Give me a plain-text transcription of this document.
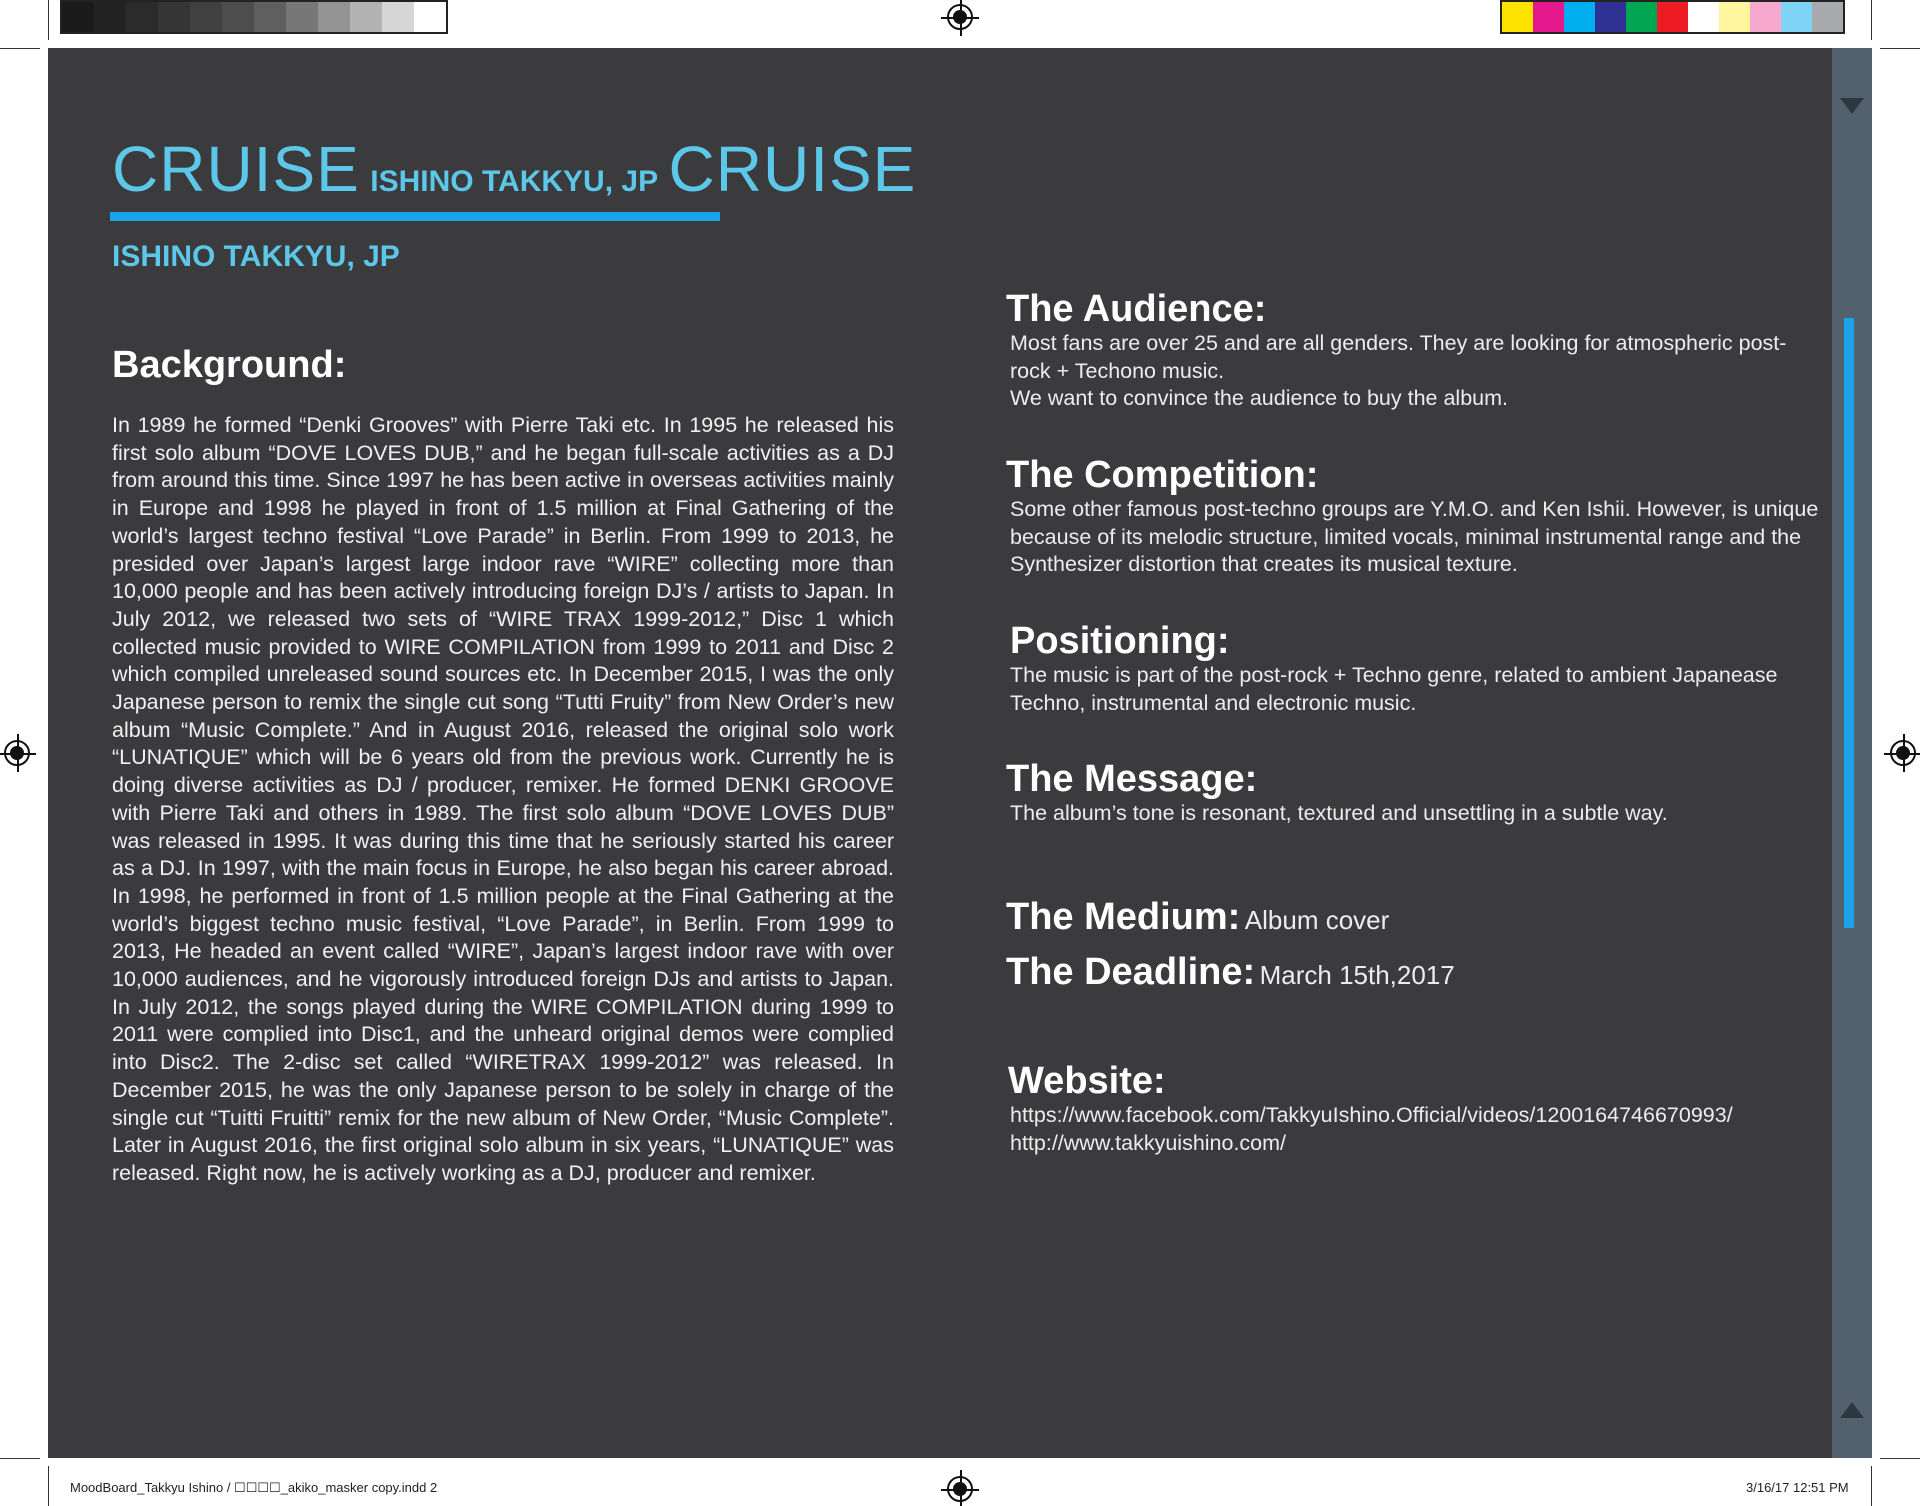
CRUISE ISHINO TAKKYU, JP CRUISE
ISHINO TAKKYU, JP
Background:
In 1989 he formed “Denki Grooves” with Pierre Taki etc. In 1995 he released his first solo album “DOVE LOVES DUB,” and he began full-scale activities as a DJ from around this time. Since 1997 he has been active in overseas activities mainly in Europe and 1998 he played in front of 1.5 million at Final Gathering of the world’s largest techno festival “Love Parade” in Berlin. From 1999 to 2013, he presided over Japan’s largest large indoor rave “WIRE” collecting more than 10,000 people and has been actively introducing foreign DJ’s / artists to Japan. In July 2012, we released two sets of “WIRE TRAX 1999-2012,” Disc 1 which collected music provided to WIRE COMPILATION from 1999 to 2011 and Disc 2 which compiled unreleased sound sources etc. In December 2015, I was the only Japanese person to remix the single cut song “Tutti Fruity” from New Order’s new album “Music Complete.” And in August 2016, released the original solo work “LUNATIQUE” which will be 6 years old from the previous work. Currently he is doing diverse activities as DJ / producer, remixer. He formed DENKI GROOVE with Pierre Taki and others in 1989. The first solo album “DOVE LOVES DUB” was released in 1995. It was during this time that he seriously started his career as a DJ. In 1997, with the main focus in Europe, he also began his career abroad. In 1998, he performed in front of 1.5 million people at the Final Gathering at the world’s biggest techno music festival, “Love Parade”, in Berlin. From 1999 to 2013, He headed an event called “WIRE”, Japan’s largest indoor rave with over 10,000 audiences, and he vigorously introduced foreign DJs and artists to Japan. In July 2012, the songs played during the WIRE COMPILATION during 1999 to 2011 were complied into Disc1, and the unheard original demos were complied into Disc2. The 2-disc set called “WIRETRAX 1999-2012” was released. In December 2015, he was the only Japanese person to be solely in charge of the single cut “Tuitti Fruitti” remix for the new album of New Order, “Music Complete”. Later in August 2016, the first original solo album in six years, “LUNATIQUE” was released. Right now, he is actively working as a DJ, producer and remixer.
The Audience:

Most fans are over 25 and are all genders. They are looking for atmospheric post-rock + Techono music.

We want to convince the audience to buy the album.

The Competition:

Some other famous post-techno groups are Y.M.O. and Ken Ishii. However, is unique because of its melodic structure, limited vocals, minimal instrumental range and the Synthesizer distortion that creates its musical texture.

Positioning:

The music is part of the post-rock + Techno genre, related to ambient Japanease Techno, instrumental and electronic music.

The Message:

The album’s tone is resonant, textured and unsettling in a subtle way.

The Medium: Album cover
The Deadline: March 15th,2017
Website:

https://www.facebook.com/TakkyuIshino.Official/videos/1200164746670993/

http://www.takkyuishino.com/

MoodBoard_Takkyu Ishino / ☐☐☐☐_akiko_masker copy.indd 2	3/16/17 12:51 PM
